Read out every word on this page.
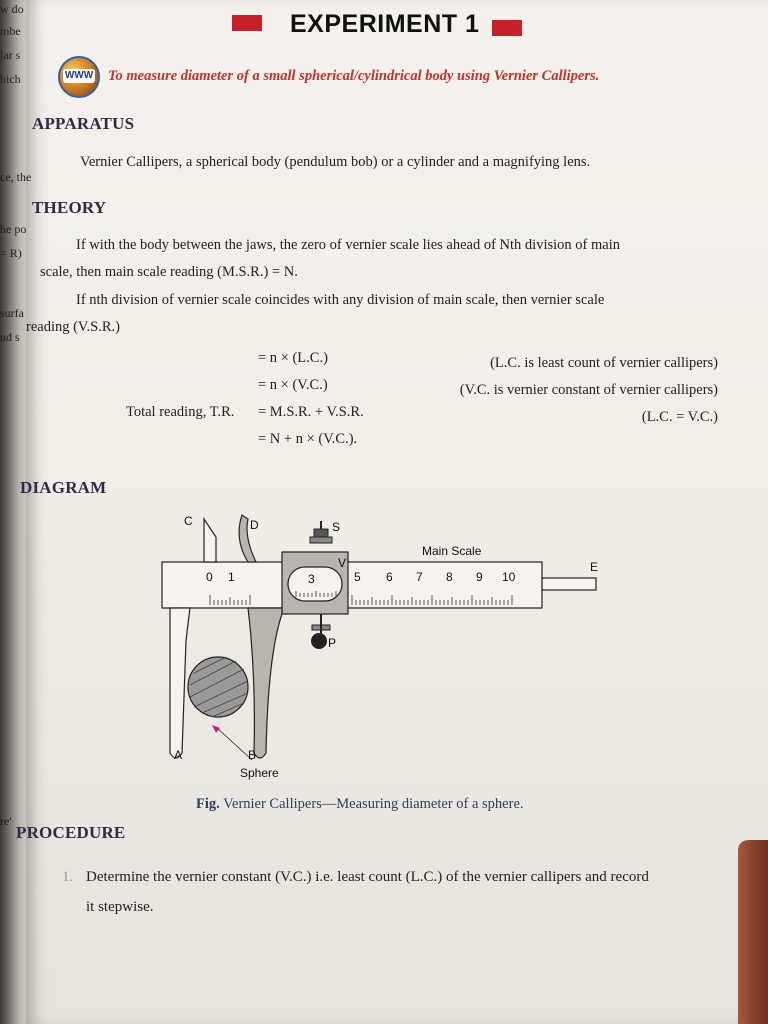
EXPERIMENT 1
WWW To measure diameter of a small spherical/cylindrical body using Vernier Callipers.
APPARATUS
Vernier Callipers, a spherical body (pendulum bob) or a cylinder and a magnifying lens.
THEORY
If with the body between the jaws, the zero of vernier scale lies ahead of Nth division of main
scale, then main scale reading (M.S.R.) = N.
If nth division of vernier scale coincides with any division of main scale, then vernier scale
reading (V.S.R.)
= n × (L.C.)	(L.C. is least count of vernier callipers)
= n × (V.C.)	(V.C. is vernier constant of vernier callipers)
Total reading, T.R. = M.S.R. + V.S.R.	(L.C. = V.C.)
= N + n × (V.C.).
DIAGRAM
C	D	S
V
P
E
A	B
Main Scale
Sphere
0 1	3	5 6 7 8 9 10
Fig. Vernier Callipers—Measuring diameter of a sphere.
PROCEDURE
1. Determine the vernier constant (V.C.) i.e. least count (L.C.) of the vernier callipers and record
it stepwise.
w do
mbe
lar s
hich
ce, the
he po
= R)
surfa
nd s
re'
